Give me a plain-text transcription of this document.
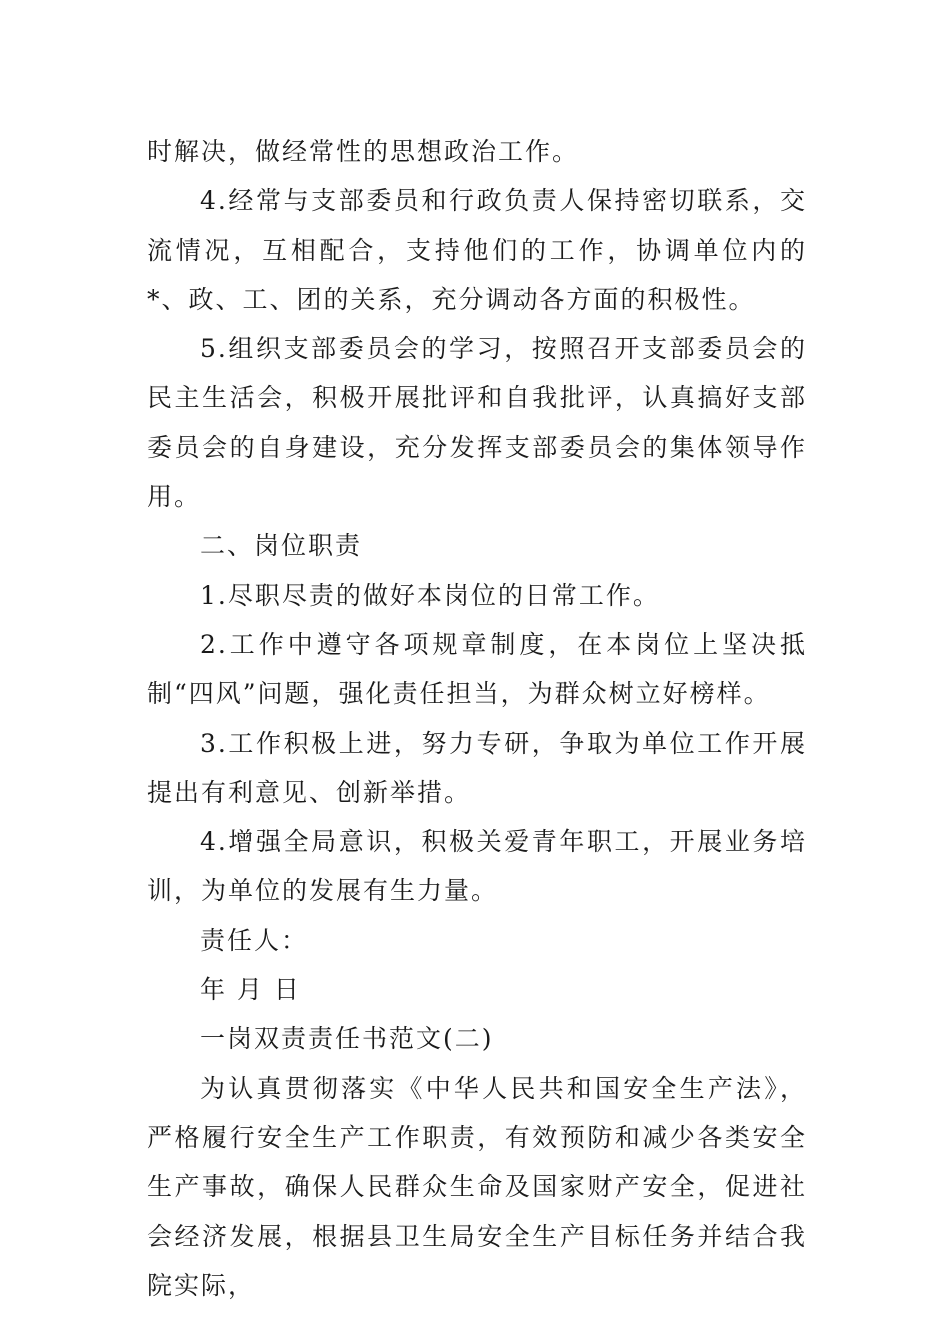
时解决，做经常性的思想政治工作。

4.经常与支部委员和行政负责人保持密切联系，交流情况，互相配合，支持他们的工作，协调单位内的*、政、工、团的关系，充分调动各方面的积极性。

5.组织支部委员会的学习，按照召开支部委员会的民主生活会，积极开展批评和自我批评，认真搞好支部委员会的自身建设，充分发挥支部委员会的集体领导作用。

二、岗位职责

1.尽职尽责的做好本岗位的日常工作。

2.工作中遵守各项规章制度，在本岗位上坚决抵制“四风”问题，强化责任担当，为群众树立好榜样。

3.工作积极上进，努力专研，争取为单位工作开展提出有利意见、创新举措。

4.增强全局意识，积极关爱青年职工，开展业务培训，为单位的发展有生力量。

责任人：

年 月 日

一岗双责责任书范文(二)

为认真贯彻落实《中华人民共和国安全生产法》，严格履行安全生产工作职责，有效预防和减少各类安全生产事故，确保人民群众生命及国家财产安全，促进社会经济发展，根据县卫生局安全生产目标任务并结合我院实际，
